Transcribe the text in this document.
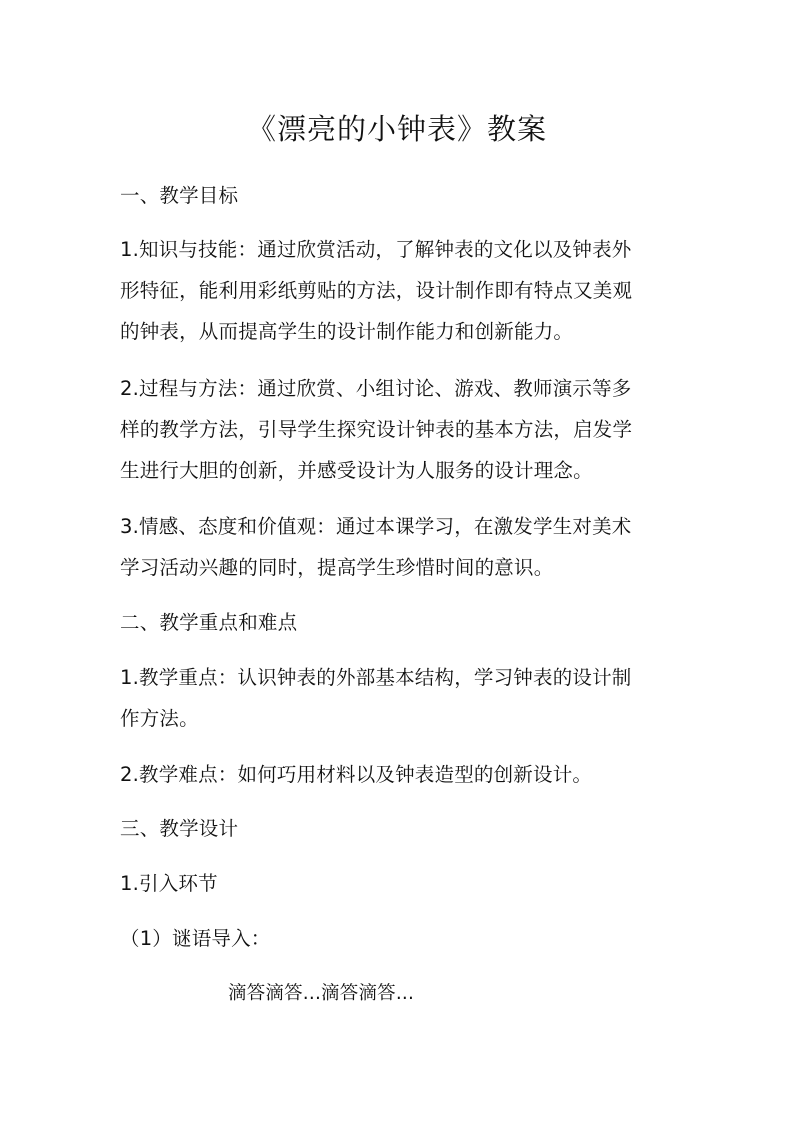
《漂亮的小钟表》教案
一、教学目标
1.知识与技能：通过欣赏活动，了解钟表的文化以及钟表外
形特征，能利用彩纸剪贴的方法，设计制作即有特点又美观
的钟表，从而提高学生的设计制作能力和创新能力。
2.过程与方法：通过欣赏、小组讨论、游戏、教师演示等多
样的教学方法，引导学生探究设计钟表的基本方法，启发学
生进行大胆的创新，并感受设计为人服务的设计理念。
3.情感、态度和价值观：通过本课学习，在激发学生对美术
学习活动兴趣的同时，提高学生珍惜时间的意识。
二、教学重点和难点
1.教学重点：认识钟表的外部基本结构，学习钟表的设计制
作方法。
2.教学难点：如何巧用材料以及钟表造型的创新设计。
三、教学设计
1.引入环节
（1）谜语导入：
滴答滴答...滴答滴答...
